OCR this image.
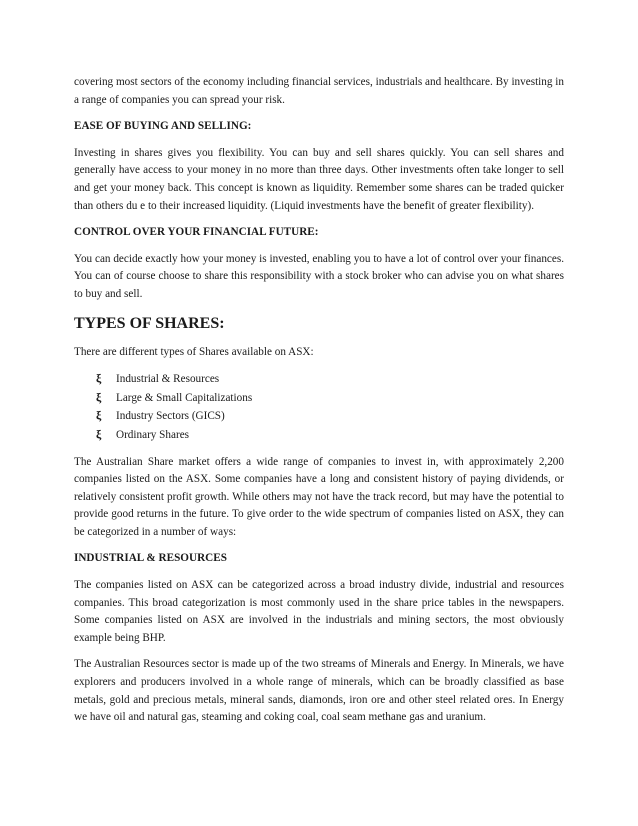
covering most sectors of the economy including financial services, industrials and healthcare. By investing in a range of companies you can spread your risk.

EASE OF BUYING AND SELLING:

Investing in shares gives you flexibility. You can buy and sell shares quickly. You can sell shares and generally have access to your money in no more than three days. Other investments often take longer to sell and get your money back. This concept is known as liquidity. Remember some shares can be traded quicker than others du e to their increased liquidity. (Liquid investments have the benefit of greater flexibility).

CONTROL OVER YOUR FINANCIAL FUTURE:

You can decide exactly how your money is invested, enabling you to have a lot of control over your finances. You can of course choose to share this responsibility with a stock broker who can advise you on what shares to buy and sell.

TYPES OF SHARES:

There are different types of Shares available on ASX:

ξ	Industrial & Resources
ξ	Large & Small Capitalizations
ξ	Industry Sectors (GICS)
ξ	Ordinary Shares

The Australian Share market offers a wide range of companies to invest in, with approximately 2,200 companies listed on the ASX. Some companies have a long and consistent history of paying dividends, or relatively consistent profit growth. While others may not have the track record, but may have the potential to provide good returns in the future. To give order to the wide spectrum of companies listed on ASX, they can be categorized in a number of ways:

INDUSTRIAL & RESOURCES

The companies listed on ASX can be categorized across a broad industry divide, industrial and resources companies. This broad categorization is most commonly used in the share price tables in the newspapers. Some companies listed on ASX are involved in the industrials and mining sectors, the most obviously example being BHP.

The Australian Resources sector is made up of the two streams of Minerals and Energy. In Minerals, we have explorers and producers involved in a whole range of minerals, which can be broadly classified as base metals, gold and precious metals, mineral sands, diamonds, iron ore and other steel related ores. In Energy we have oil and natural gas, steaming and coking coal, coal seam methane gas and uranium.
